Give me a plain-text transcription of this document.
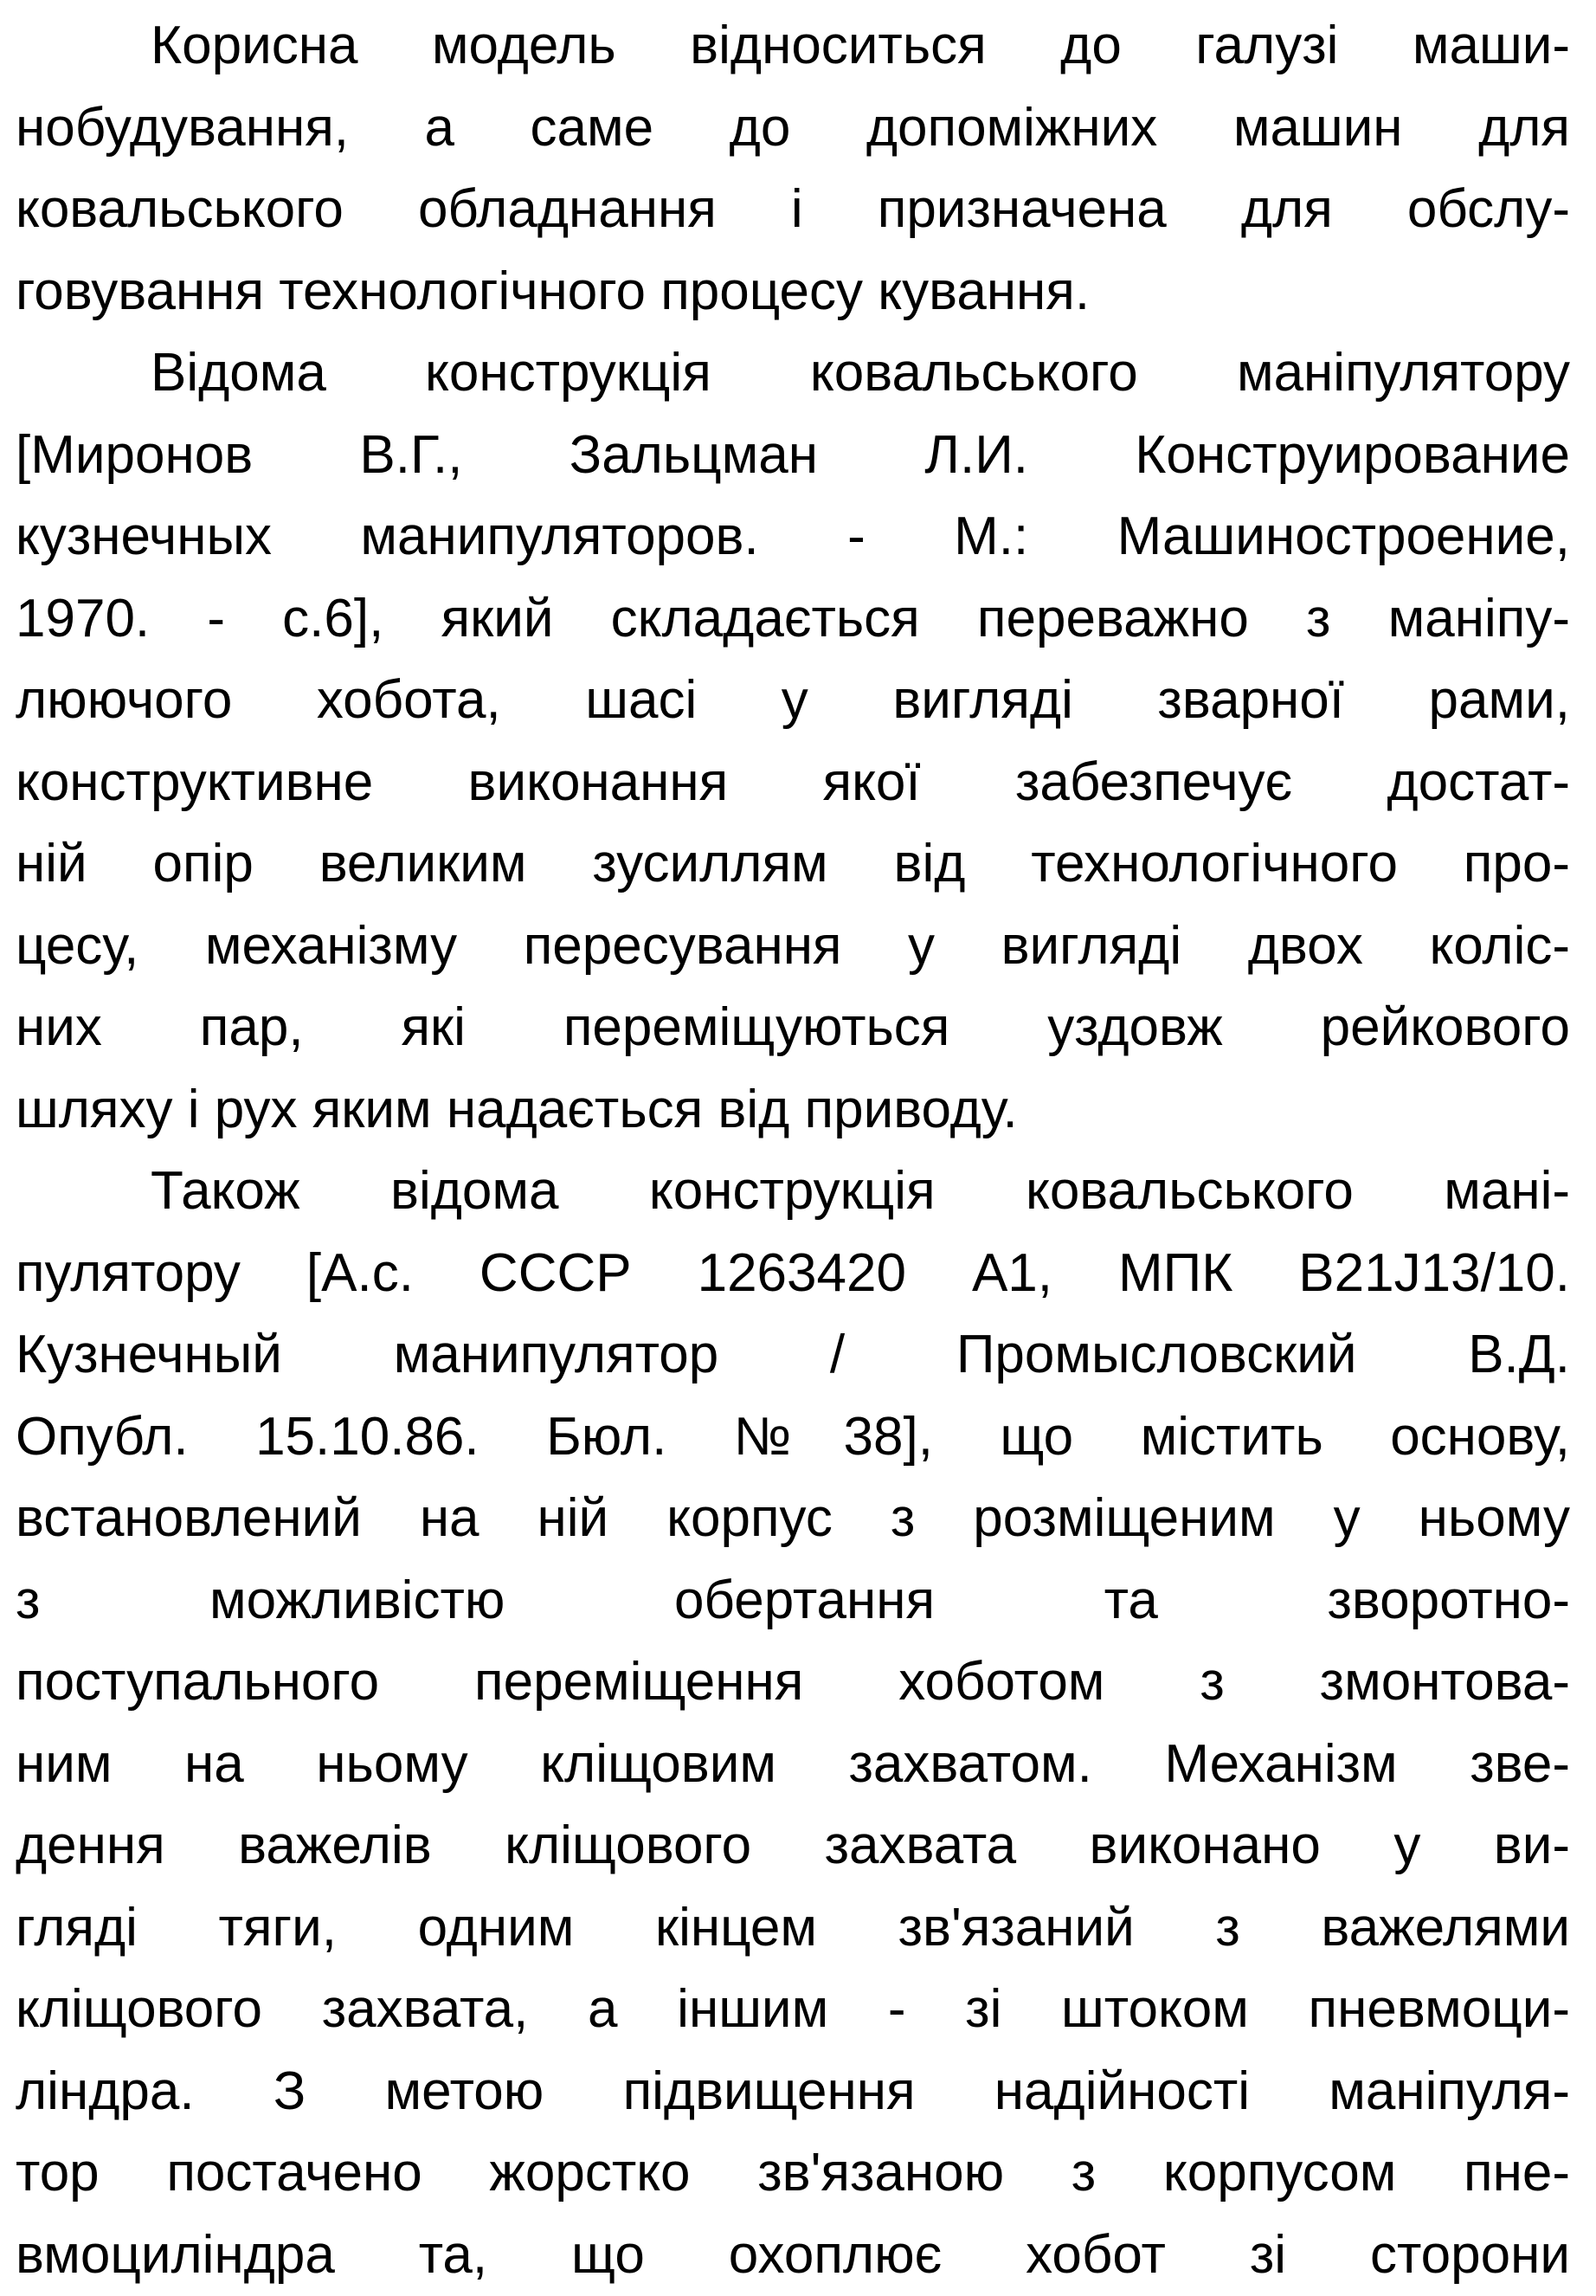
Корисна модель відноситься до галузі маши-
нобудування, а саме до допоміжних машин для
ковальського обладнання і призначена для обслу-
говування технологічного процесу кування.
Відома конструкція ковальського маніпулятору
[Миронов В.Г., Зальцман Л.И. Конструирование
кузнечных манипуляторов. - М.: Машиностроение,
1970. - с.6], який складається переважно з маніпу-
люючого хобота, шасі у вигляді зварної рами,
конструктивне виконання якої забезпечує достат-
ній опір великим зусиллям від технологічного про-
цесу, механізму пересування у вигляді двох коліс-
них пар, які переміщуються уздовж рейкового
шляху і рух яким надається від приводу.
Також відома конструкція ковальського мані-
пулятору [А.с. СССР 1263420 А1, МПК B21J13/10.
Кузнечный манипулятор / Промысловский В.Д.
Опубл. 15.10.86. Бюл. №38], що містить основу,
встановлений на ній корпус з розміщеним у ньому
з можливістю обертання та зворотно-
поступального переміщення хоботом з змонтова-
ним на ньому кліщовим захватом. Механізм зве-
дення важелів кліщового захвата виконано у ви-
гляді тяги, одним кінцем зв'язаний з важелями
кліщового захвата, а іншим - зі штоком пневмоци-
ліндра. З метою підвищення надійності маніпуля-
тор постачено жорстко зв'язаною з корпусом пне-
вмоциліндра та, що охоплює хобот зі сторони
